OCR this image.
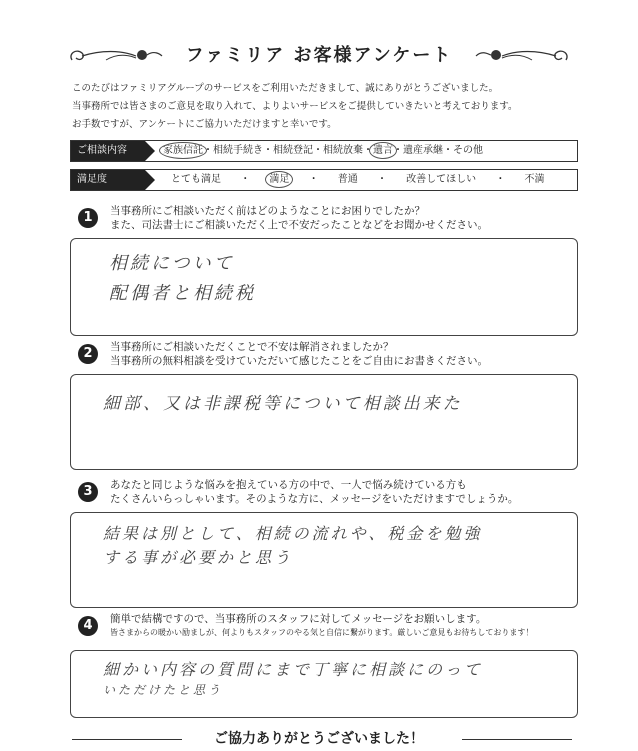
ファミリア お客様アンケート
このたびはファミリアグループのサービスをご利用いただきまして、誠にありがとうございました。
当事務所では皆さまのご意見を取り入れて、よりよいサービスをご提供していきたいと考えております。
お手数ですが、アンケートにご協力いただけますと幸いです。
ご相談内容	家族信託・相続手続き・相続登記・相続放棄・遺言・遺産承継・その他
満足度	とても満足 ・ 満足 ・ 普通 ・ 改善してほしい ・ 不満
1	当事務所にご相談いただく前はどのようなことにお困りでしたか？
また、司法書士にご相談いただく上で不安だったことなどをお聞かせください。
相続について
配偶者と相続税
2	当事務所にご相談いただくことで不安は解消されましたか？
当事務所の無料相談を受けていただいて感じたことをご自由にお書きください。
細部、又は非課税等について相談出来た
3	あなたと同じような悩みを抱えている方の中で、一人で悩み続けている方も
たくさんいらっしゃいます。そのような方に、メッセージをいただけますでしょうか。
結果は別として、相続の流れや、税金を勉強
する事が必要かと思う
4	簡単で結構ですので、当事務所のスタッフに対してメッセージをお願いします。
皆さまからの暖かい励ましが、何よりもスタッフのやる気と自信に繋がります。厳しいご意見もお待ちしております！
細かい内容の質問にまで丁寧に相談にのって
いただけたと思う
ご協力ありがとうございました！
